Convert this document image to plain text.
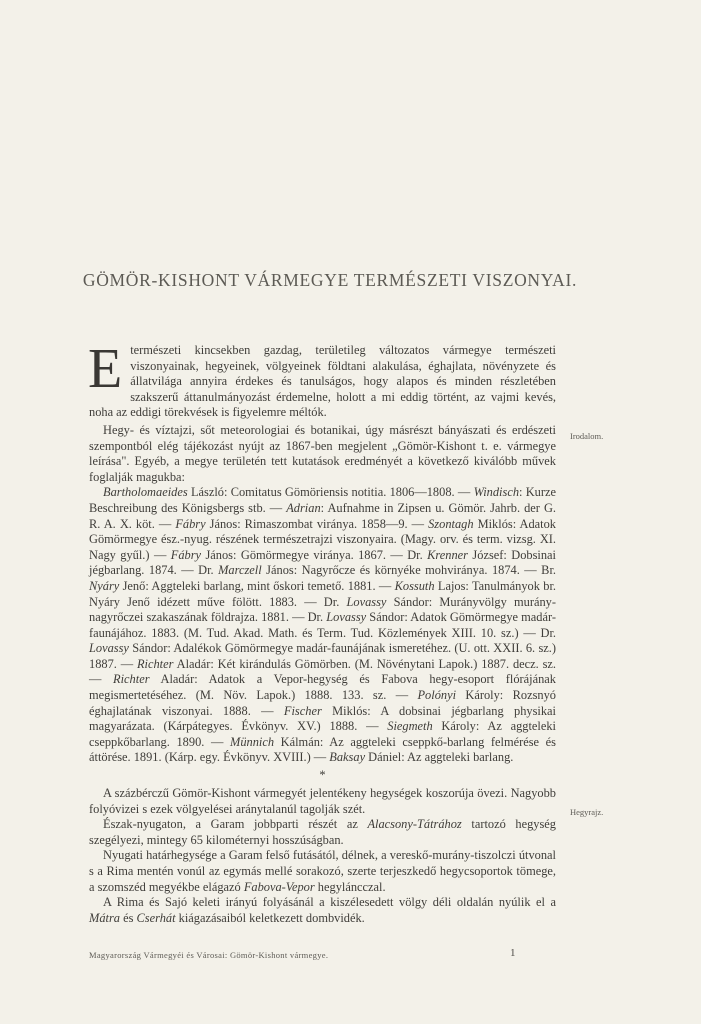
GÖMÖR-KISHONT VÁRMEGYE TERMÉSZETI VISZONYAI.
Irodalom.
Hegyrajz.

Etermészeti kincsekben gazdag, területileg változatos vármegye természeti viszonyainak, hegyeinek, völgyeinek földtani alakulása, éghajlata, növényzete és állatvilága annyira érdekes és tanulságos, hogy alapos és minden részletében szakszerű áttanulmányozást érdemelne, holott a mi eddig történt, az vajmi kevés, noha az eddigi törekvések is figyelemre méltók.

Hegy- és víztajzi, sőt meteorologiai és botanikai, úgy másrészt bányászati és erdészeti szempontból elég tájékozást nyújt az 1867-ben megjelent „Gömör-Kishont t. e. vármegye leírása". Egyéb, a megye területén tett kutatások eredményét a következő kiválóbb művek foglalják magukba:

Bartholomaeides László: Comitatus Gömöriensis notitia. 1806—1808. — Windisch: Kurze Beschreibung des Königsbergs stb. — Adrian: Aufnahme in Zipsen u. Gömör. Jahrb. der G. R. A. X. köt. — Fábry János: Rimaszombat virányа. 1858—9. — Szontagh Miklós: Adatok Gömörmegye ész.-nyug. részének természetrajzi viszonyaira. (Magy. orv. és term. vizsg. XI. Nagy gyűl.) — Fábry János: Gömörmegye virányа. 1867. — Dr. Krenner József: Dobsinai jégbarlang. 1874. — Dr. Marczell János: Nagyrőcze és környéke mohvirányа. 1874. — Br. Nyáry Jenő: Aggteleki barlang, mint őskori temető. 1881. — Kossuth Lajos: Tanulmányok br. Nyáry Jenő idézett műve fölött. 1883. — Dr. Lovassy Sándor: Murányvölgy murány-nagyrőczei szakaszának földrajza. 1881. — Dr. Lovassy Sándor: Adatok Gömörmegye madár-faunájához. 1883. (M. Tud. Akad. Math. és Term. Tud. Közlemények XIII. 10. sz.) — Dr. Lovassy Sándor: Adalékok Gömörmegye madár-faunájának ismeretéhez. (U. ott. XXII. 6. sz.) 1887. — Richter Aladár: Két kirándulás Gömörben. (M. Növénytani Lapok.) 1887. decz. sz. — Richter Aladár: Adatok a Vepor-hegység és Fabova hegy-esoport flórájának megismertetéséhez. (M. Növ. Lapok.) 1888. 133. sz. — Polónyi Károly: Rozsnyó éghajlatának viszonyai. 1888. — Fischer Miklós: A dobsinai jégbarlang physikai magyarázata. (Kárpátegyes. Évkönyv. XV.) 1888. — Siegmeth Károly: Az aggteleki cseppkőbarlang. 1890. — Münnich Kálmán: Az aggteleki cseppkő-barlang felmérése és áttörése. 1891. (Kárp. egy. Évkönyv. XVIII.) — Baksay Dániel: Az aggteleki barlang.

*

A százbérczű Gömör-Kishont vármegyét jelentékeny hegységek koszorúja övezi. Nagyobb folyóvizei s ezek völgyelései aránytalanúl tagolják szét.

Észak-nyugaton, a Garam jobbparti részét az Alacsony-Tátrához tartozó hegység szegélyezi, mintegy 65 kilométernyi hosszúságban.

Nyugati határhegysége a Garam felső futásától, délnek, a vereskő-murány-tiszolczi útvonal s a Rima mentén vonúl az egymás mellé sorakozó, szerte terjeszkedő hegycsoportok tömege, a szomszéd megyékbe elágazó Fabova-Vepor hegyláncczal.

A Rima és Sajó keleti irányú folyásánál a kiszélesedett völgy déli oldalán nyúlik el a Mátra és Cserhát kiágazásaiból keletkezett dombvidék.

Magyarország Vármegyéi és Városai: Gömör-Kishont vármegye.	1
